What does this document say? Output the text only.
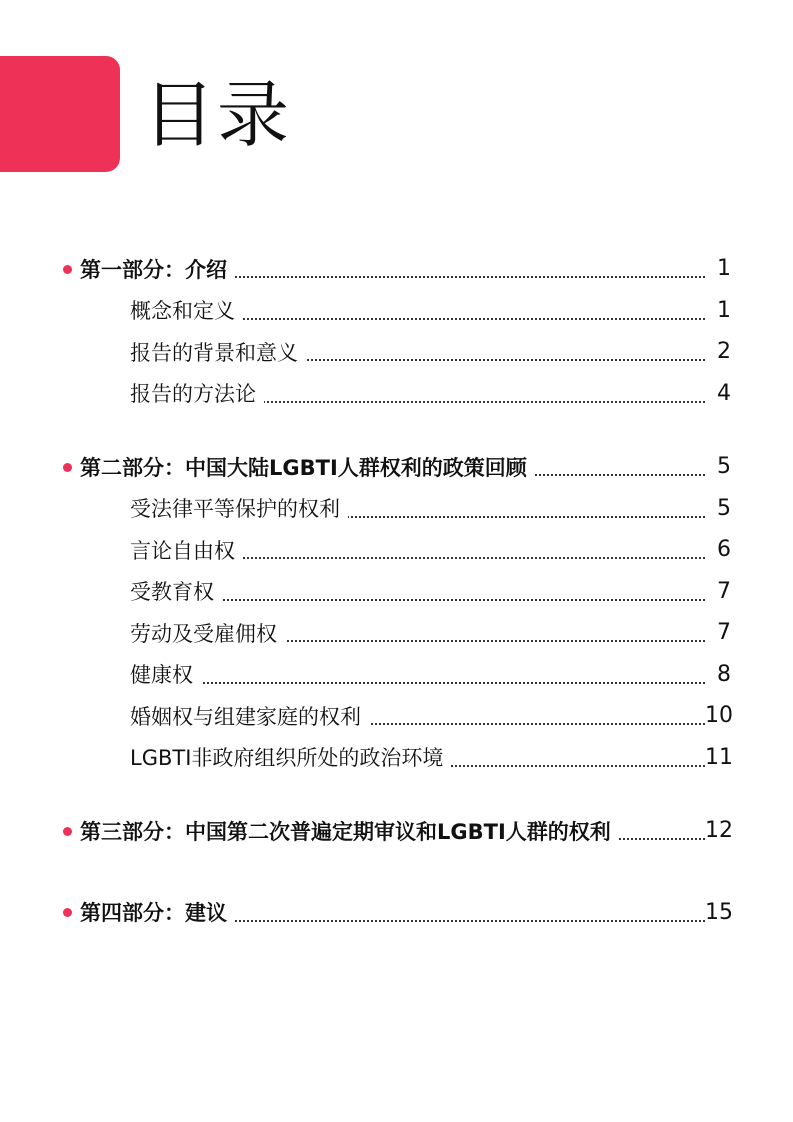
目录
第一部分：介绍	1
概念和定义	1
报告的背景和意义	2
报告的方法论	4
第二部分：中国大陆LGBTI人群权利的政策回顾	5
受法律平等保护的权利	5
言论自由权	6
受教育权	7
劳动及受雇佣权	7
健康权	8
婚姻权与组建家庭的权利	10
LGBTI非政府组织所处的政治环境	11
第三部分：中国第二次普遍定期审议和LGBTI人群的权利	12
第四部分：建议	15
